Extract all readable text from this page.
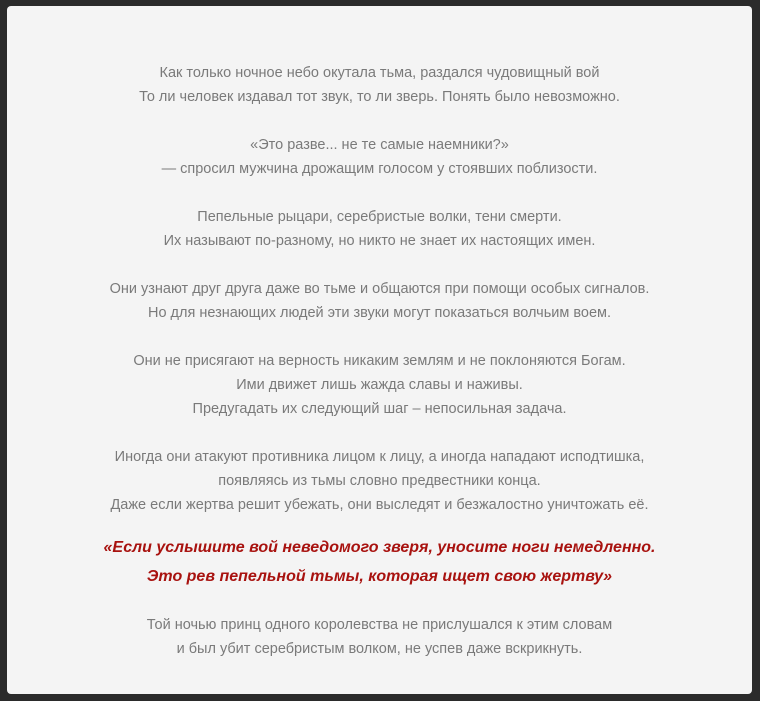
Как только ночное небо окутала тьма, раздался чудовищный вой
То ли человек издавал тот звук, то ли зверь. Понять было невозможно.

«Это разве... не те самые наемники?»
— спросил мужчина дрожащим голосом у стоявших поблизости.

Пепельные рыцари, серебристые волки, тени смерти.
Их называют по-разному, но никто не знает их настоящих имен.

Они узнают друг друга даже во тьме и общаются при помощи особых сигналов.
Но для незнающих людей эти звуки могут показаться волчьим воем.

Они не присягают на верность никаким землям и не поклоняются Богам.
Ими движет лишь жажда славы и наживы.
Предугадать их следующий шаг – непосильная задача.

Иногда они атакуют противника лицом к лицу, а иногда нападают исподтишка,
появляясь из тьмы словно предвестники конца.
Даже если жертва решит убежать, они выследят и безжалостно уничтожать её.

«Если услышите вой неведомого зверя, уносите ноги немедленно.
Это рев пепельной тьмы, которая ищет свою жертву»

Той ночью принц одного королевства не прислушался к этим словам
и был убит серебристым волком, не успев даже вскрикнуть.
